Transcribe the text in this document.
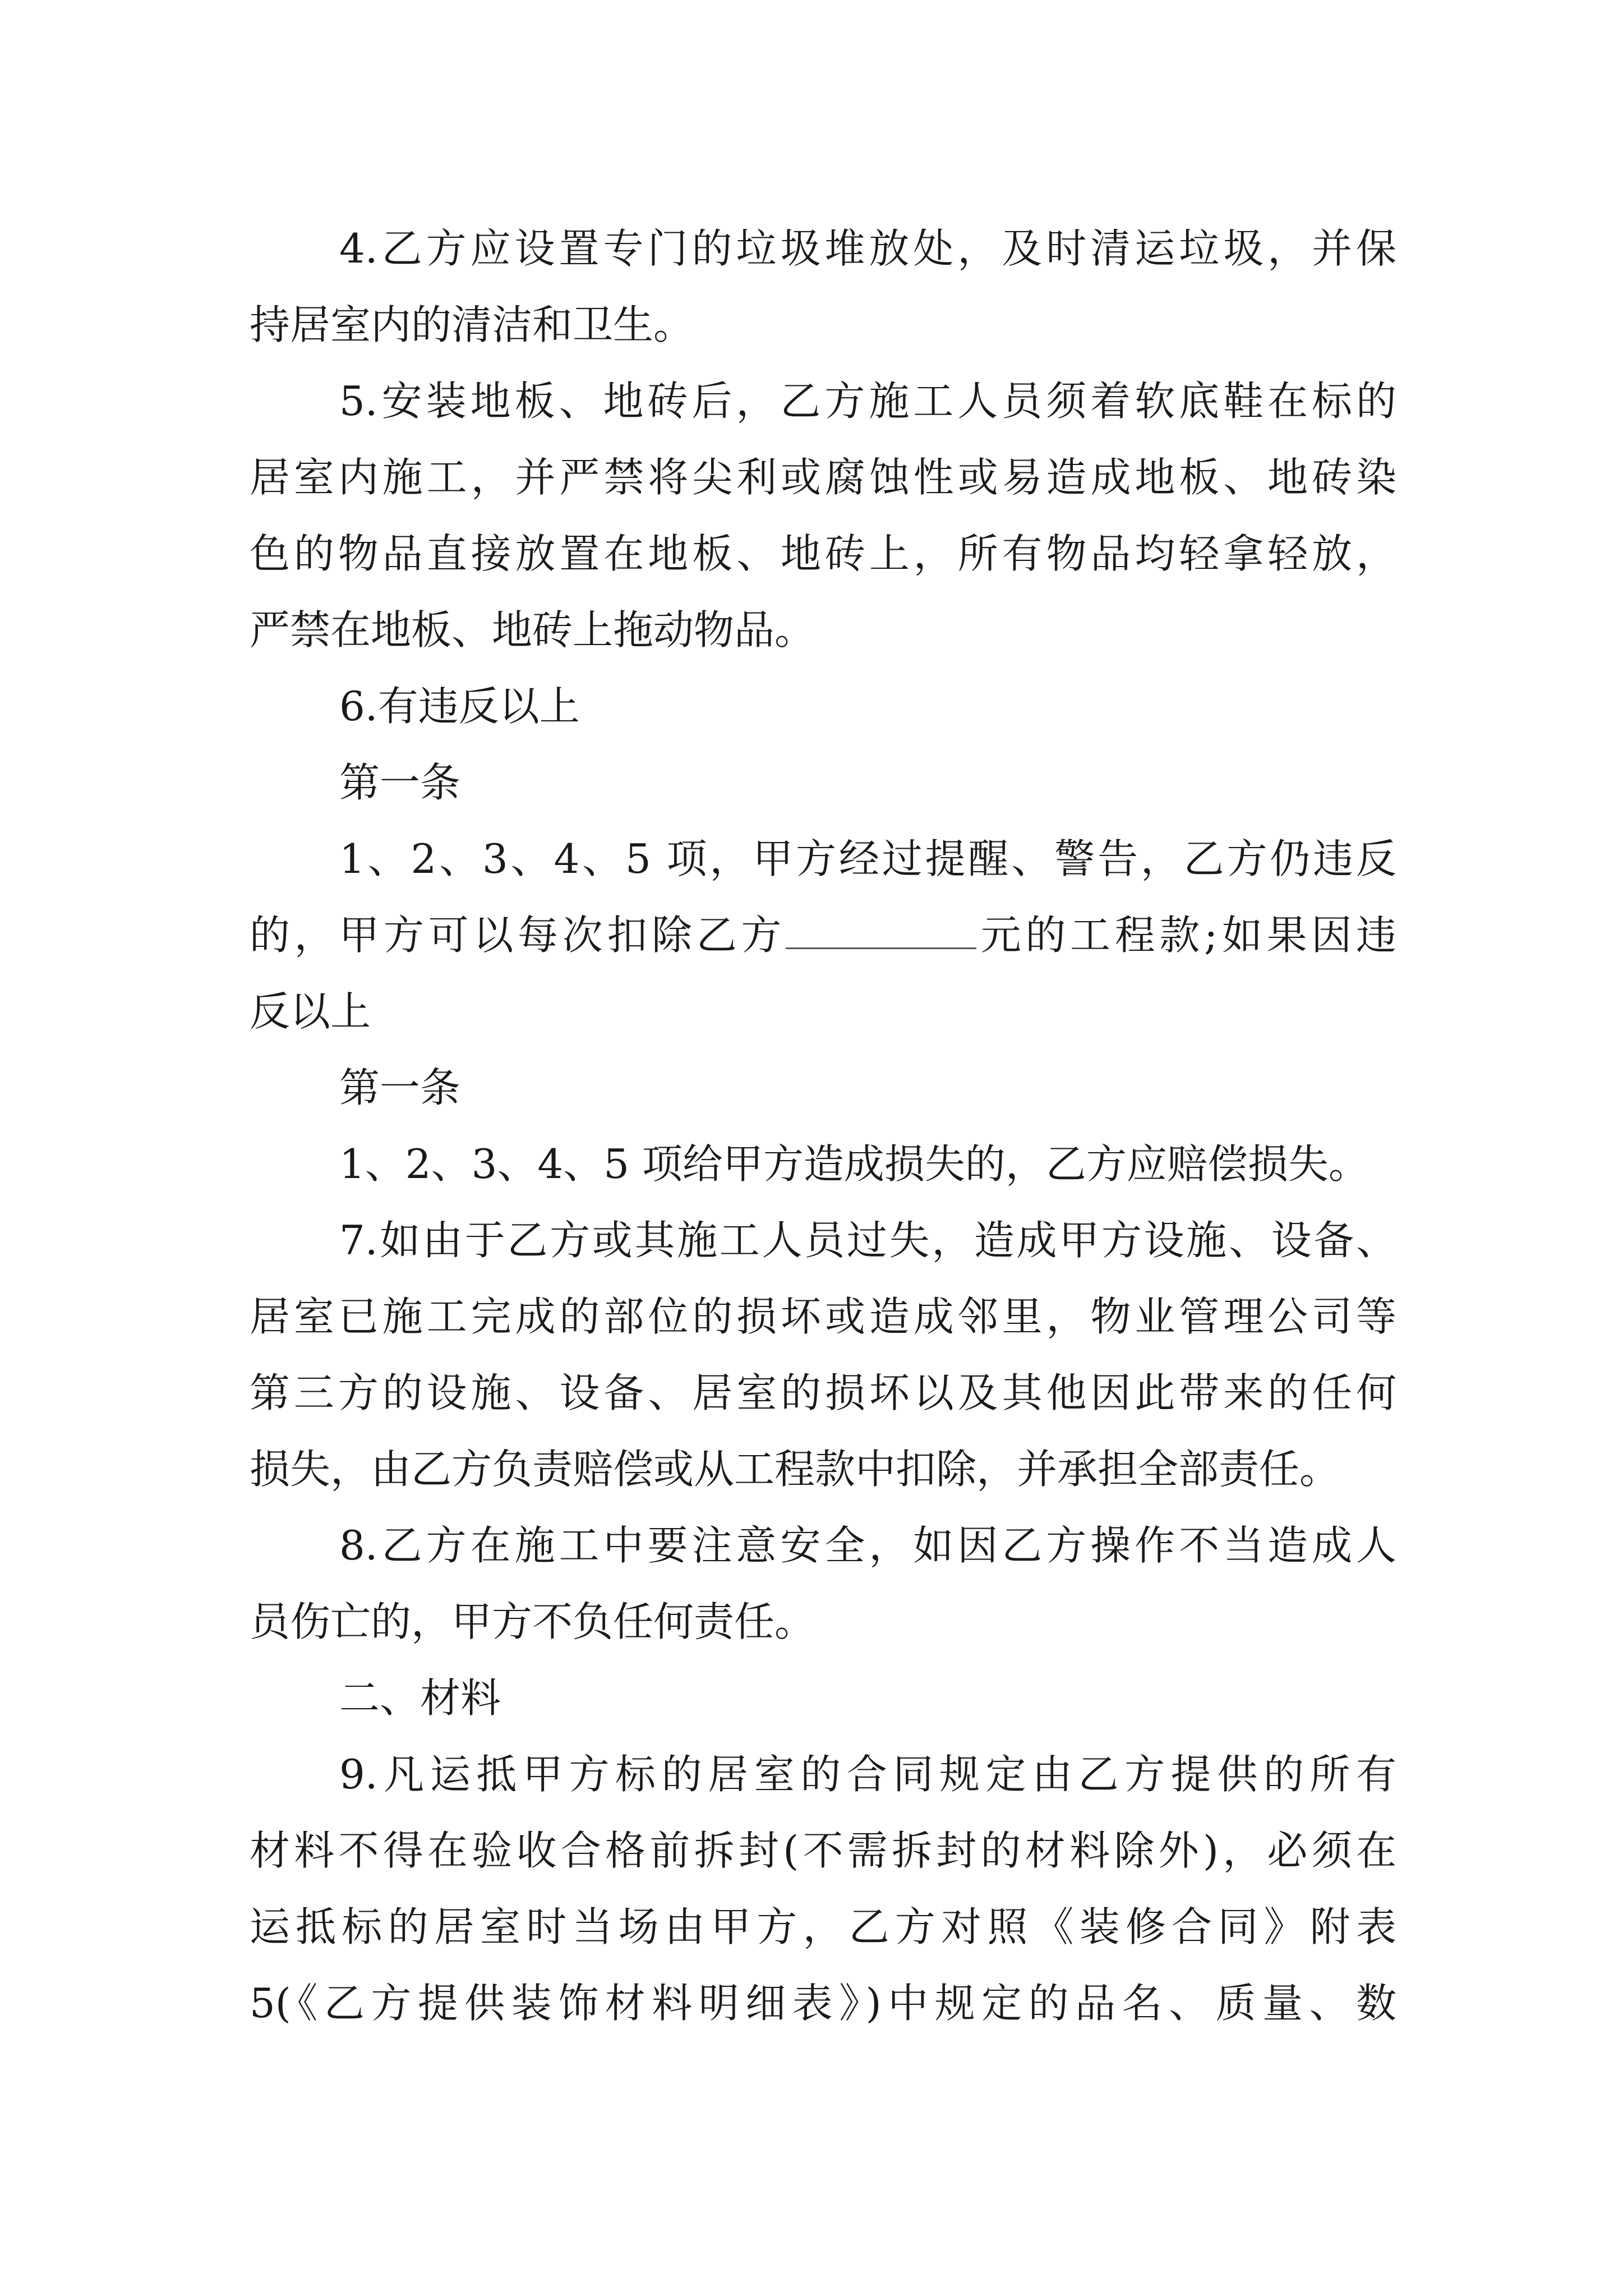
4.乙方应设置专门的垃圾堆放处，及时清运垃圾，并保
持居室内的清洁和卫生。
5.安装地板、地砖后，乙方施工人员须着软底鞋在标的
居室内施工，并严禁将尖利或腐蚀性或易造成地板、地砖染
色的物品直接放置在地板、地砖上，所有物品均轻拿轻放，
严禁在地板、地砖上拖动物品。
6.有违反以上
第一条
1、2、3、4、5 项，甲方经过提醒、警告，乙方仍违反
的，甲方可以每次扣除乙方	元的工程款;如果因违
反以上
第一条
1、2、3、4、5 项给甲方造成损失的，乙方应赔偿损失。
7.如由于乙方或其施工人员过失，造成甲方设施、设备、
居室已施工完成的部位的损坏或造成邻里，物业管理公司等
第三方的设施、设备、居室的损坏以及其他因此带来的任何
损失，由乙方负责赔偿或从工程款中扣除，并承担全部责任。
8.乙方在施工中要注意安全，如因乙方操作不当造成人
员伤亡的，甲方不负任何责任。
二、材料
9.凡运抵甲方标的居室的合同规定由乙方提供的所有
材料不得在验收合格前拆封(不需拆封的材料除外)，必须在
运抵标的居室时当场由甲方，乙方对照《装修合同》附表
5(《乙方提供装饰材料明细表》)中规定的品名、质量、数
